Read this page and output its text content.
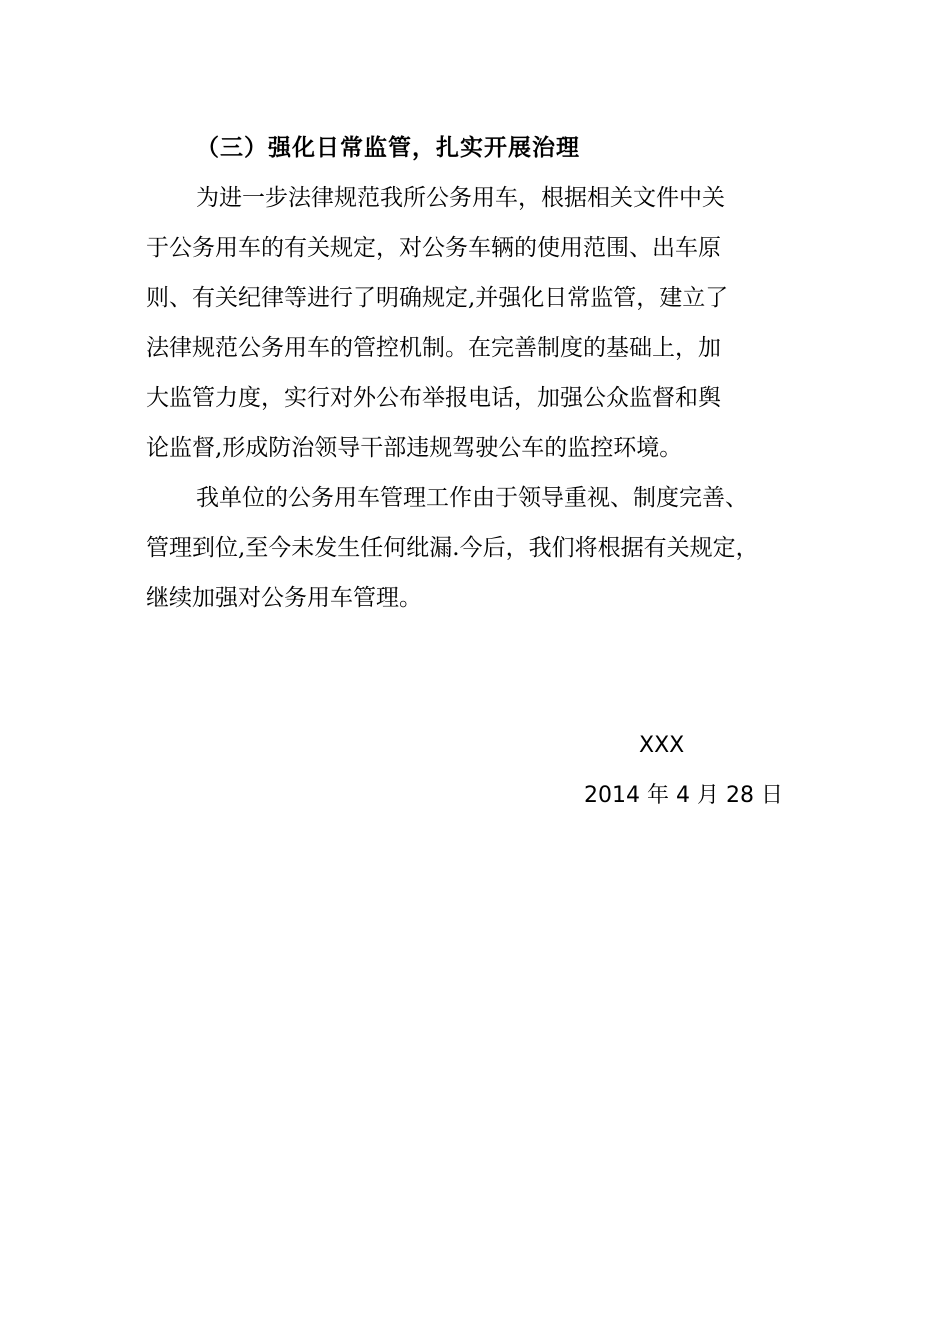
（三）强化日常监管，扎实开展治理
为进一步法律规范我所公务用车，根据相关文件中关
于公务用车的有关规定，对公务车辆的使用范围、出车原
则、有关纪律等进行了明确规定,并强化日常监管，建立了
法律规范公务用车的管控机制。在完善制度的基础上，加
大监管力度，实行对外公布举报电话，加强公众监督和舆
论监督,形成防治领导干部违规驾驶公车的监控环境。
我单位的公务用车管理工作由于领导重视、制度完善、
管理到位,至今未发生任何纰漏.今后，我们将根据有关规定，
继续加强对公务用车管理。
XXX
2014 年 4 月 28 日
